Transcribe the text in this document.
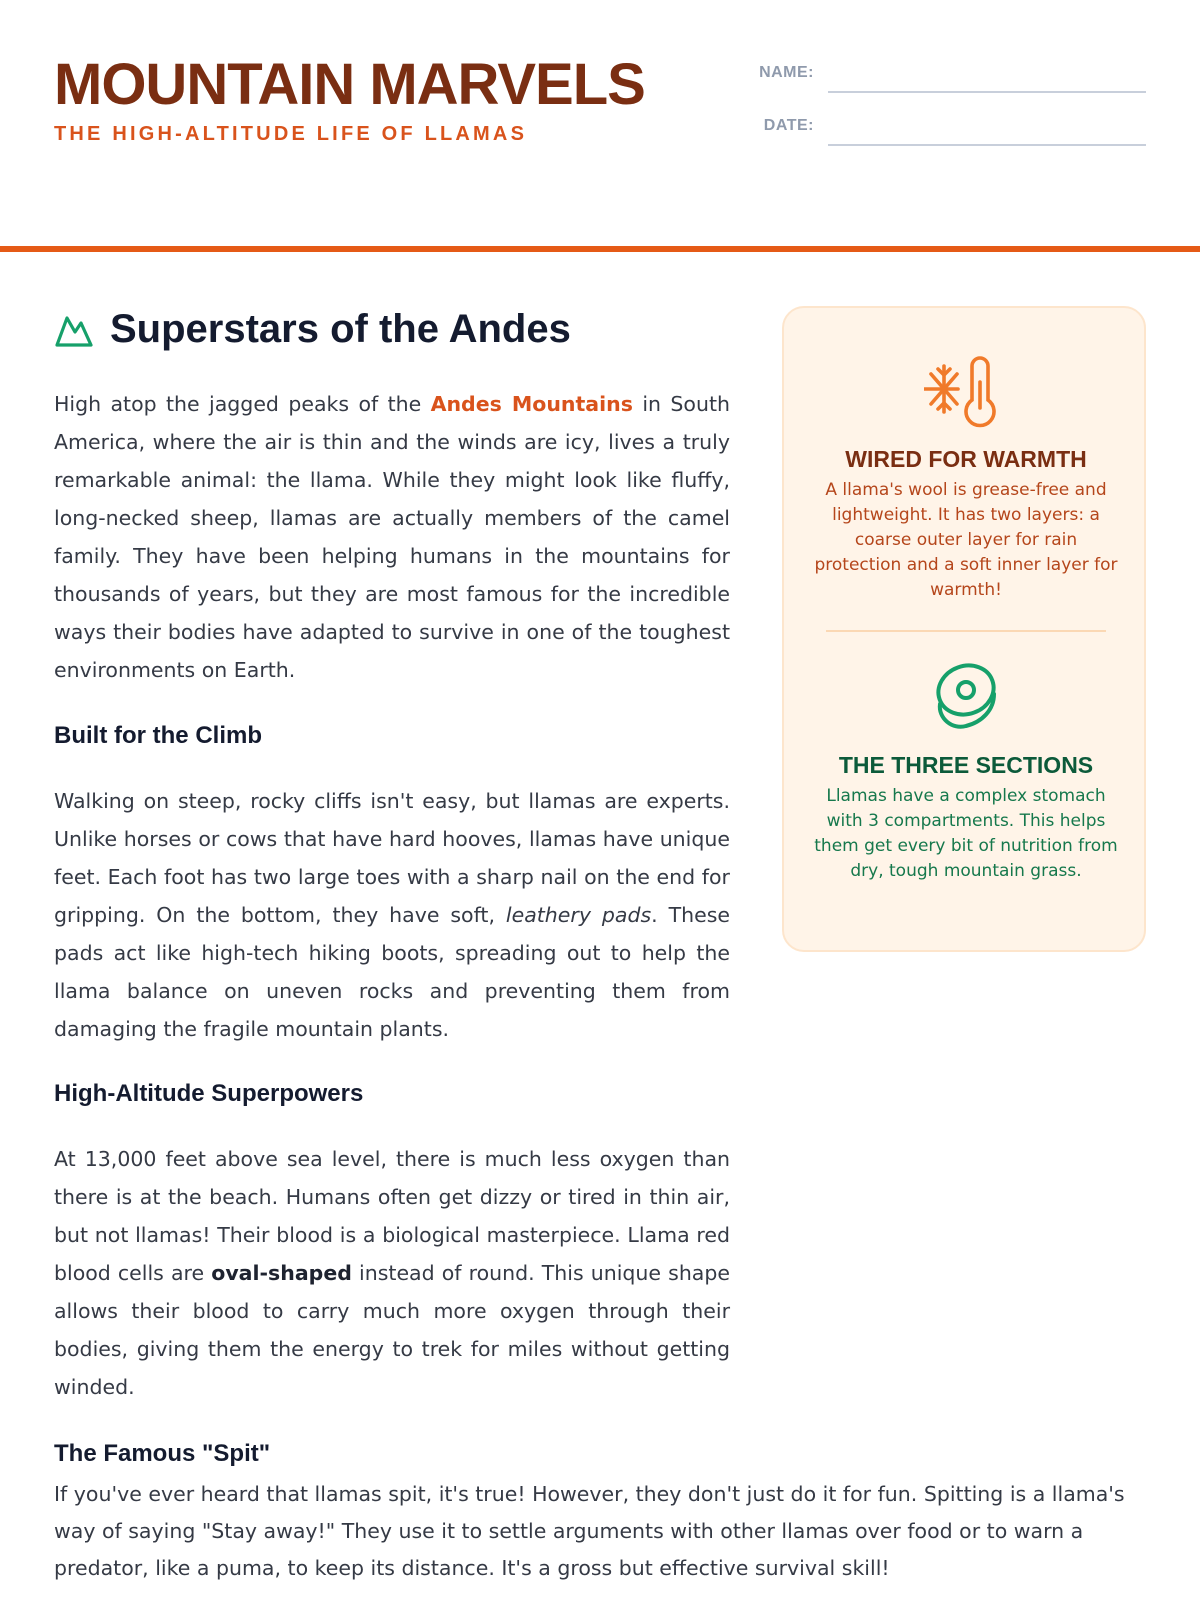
MOUNTAIN MARVELS
THE HIGH-ALTITUDE LIFE OF LLAMAS
NAME:
DATE:
Superstars of the Andes

High atop the jagged peaks of the Andes Mountains in South America, where the air is thin and the winds are icy, lives a truly remarkable animal: the llama. While they might look like fluffy, long-necked sheep, llamas are actually members of the camel family. They have been helping humans in the mountains for thousands of years, but they are most famous for the incredible ways their bodies have adapted to survive in one of the toughest environments on Earth.

Built for the Climb

Walking on steep, rocky cliffs isn't easy, but llamas are experts. Unlike horses or cows that have hard hooves, llamas have unique feet. Each foot has two large toes with a sharp nail on the end for gripping. On the bottom, they have soft, leathery pads. These pads act like high-tech hiking boots, spreading out to help the llama balance on uneven rocks and preventing them from damaging the fragile mountain plants.

High-Altitude Superpowers

At 13,000 feet above sea level, there is much less oxygen than there is at the beach. Humans often get dizzy or tired in thin air, but not llamas! Their blood is a biological masterpiece. Llama red blood cells are oval-shaped instead of round. This unique shape allows their blood to carry much more oxygen through their bodies, giving them the energy to trek for miles without getting winded.

The Famous "Spit"

If you've ever heard that llamas spit, it's true! However, they don't just do it for fun. Spitting is a llama's way of saying "Stay away!" They use it to settle arguments with other llamas over food or to warn a predator, like a puma, to keep its distance. It's a gross but effective survival skill!

WIRED FOR WARMTH
A llama's wool is grease-free and lightweight. It has two layers: a coarse outer layer for rain protection and a soft inner layer for warmth!
THE THREE SECTIONS
Llamas have a complex stomach with 3 compartments. This helps them get every bit of nutrition from dry, tough mountain grass.
